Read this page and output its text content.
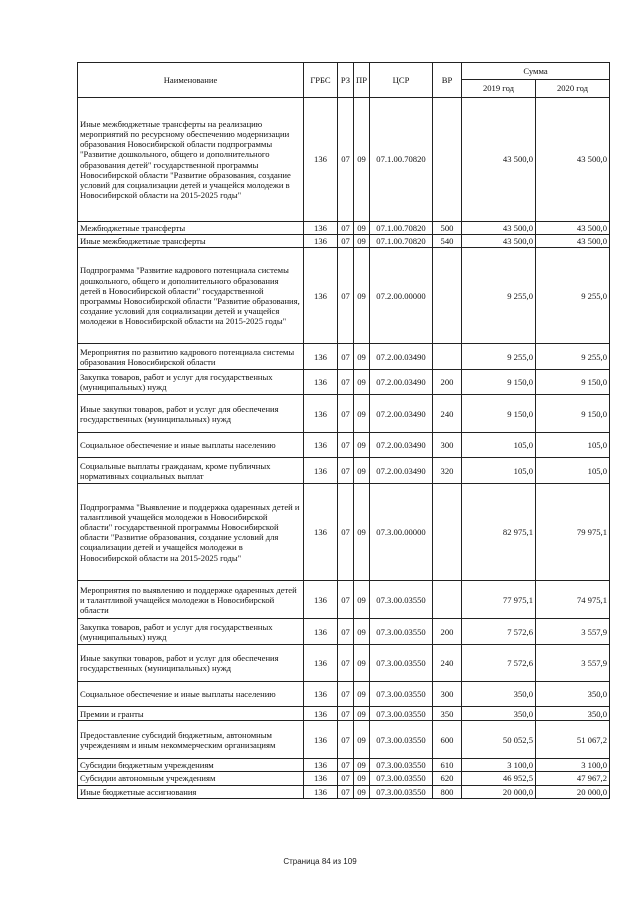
Наименование	ГРБС	РЗ	ПР	ЦСР	ВР	Сумма	
						2019 год	2020 год
Иные межбюджетные трансферты на реализацию мероприятий по ресурсному обеспечению модернизации образования Новосибирской области подпрограммы "Развитие дошкольного, общего и дополнительного образования детей" государственной программы Новосибирской области "Развитие образования, создание условий для социализации детей и учащейся молодежи в Новосибирской области на 2015-2025 годы"	136	07	09	07.1.00.70820		43 500,0	43 500,0
Межбюджетные трансферты	136	07	09	07.1.00.70820	500	43 500,0	43 500,0
Иные межбюджетные трансферты	136	07	09	07.1.00.70820	540	43 500,0	43 500,0
Подпрограмма "Развитие кадрового потенциала системы дошкольного, общего и дополнительного образования детей в Новосибирской области" государственной программы Новосибирской области "Развитие образования, создание условий для социализации детей и учащейся молодежи в Новосибирской области на 2015-2025 годы"	136	07	09	07.2.00.00000		9 255,0	9 255,0
Мероприятия по развитию кадрового потенциала системы образования Новосибирской области	136	07	09	07.2.00.03490		9 255,0	9 255,0
Закупка товаров, работ и услуг для государственных (муниципальных) нужд	136	07	09	07.2.00.03490	200	9 150,0	9 150,0
Иные закупки товаров, работ и услуг для обеспечения государственных (муниципальных) нужд	136	07	09	07.2.00.03490	240	9 150,0	9 150,0
Социальное обеспечение и иные выплаты населению	136	07	09	07.2.00.03490	300	105,0	105,0
Социальные выплаты гражданам, кроме публичных нормативных социальных выплат	136	07	09	07.2.00.03490	320	105,0	105,0
Подпрограмма "Выявление и поддержка одаренных детей и талантливой учащейся молодежи в Новосибирской области" государственной программы Новосибирской области "Развитие образования, создание условий для социализации детей и учащейся молодежи в Новосибирской области на 2015-2025 годы"	136	07	09	07.3.00.00000		82 975,1	79 975,1
Мероприятия по выявлению и поддержке одаренных детей и талантливой учащейся молодежи в Новосибирской области	136	07	09	07.3.00.03550		77 975,1	74 975,1
Закупка товаров, работ и услуг для государственных (муниципальных) нужд	136	07	09	07.3.00.03550	200	7 572,6	3 557,9
Иные закупки товаров, работ и услуг для обеспечения государственных (муниципальных) нужд	136	07	09	07.3.00.03550	240	7 572,6	3 557,9
Социальное обеспечение и иные выплаты населению	136	07	09	07.3.00.03550	300	350,0	350,0
Премии и гранты	136	07	09	07.3.00.03550	350	350,0	350,0
Предоставление субсидий бюджетным, автономным учреждениям и иным некоммерческим организациям	136	07	09	07.3.00.03550	600	50 052,5	51 067,2
Субсидии бюджетным учреждениям	136	07	09	07.3.00.03550	610	3 100,0	3 100,0
Субсидии автономным учреждениям	136	07	09	07.3.00.03550	620	46 952,5	47 967,2
Иные бюджетные ассигнования	136	07	09	07.3.00.03550	800	20 000,0	20 000,0
Страница 84 из 109
